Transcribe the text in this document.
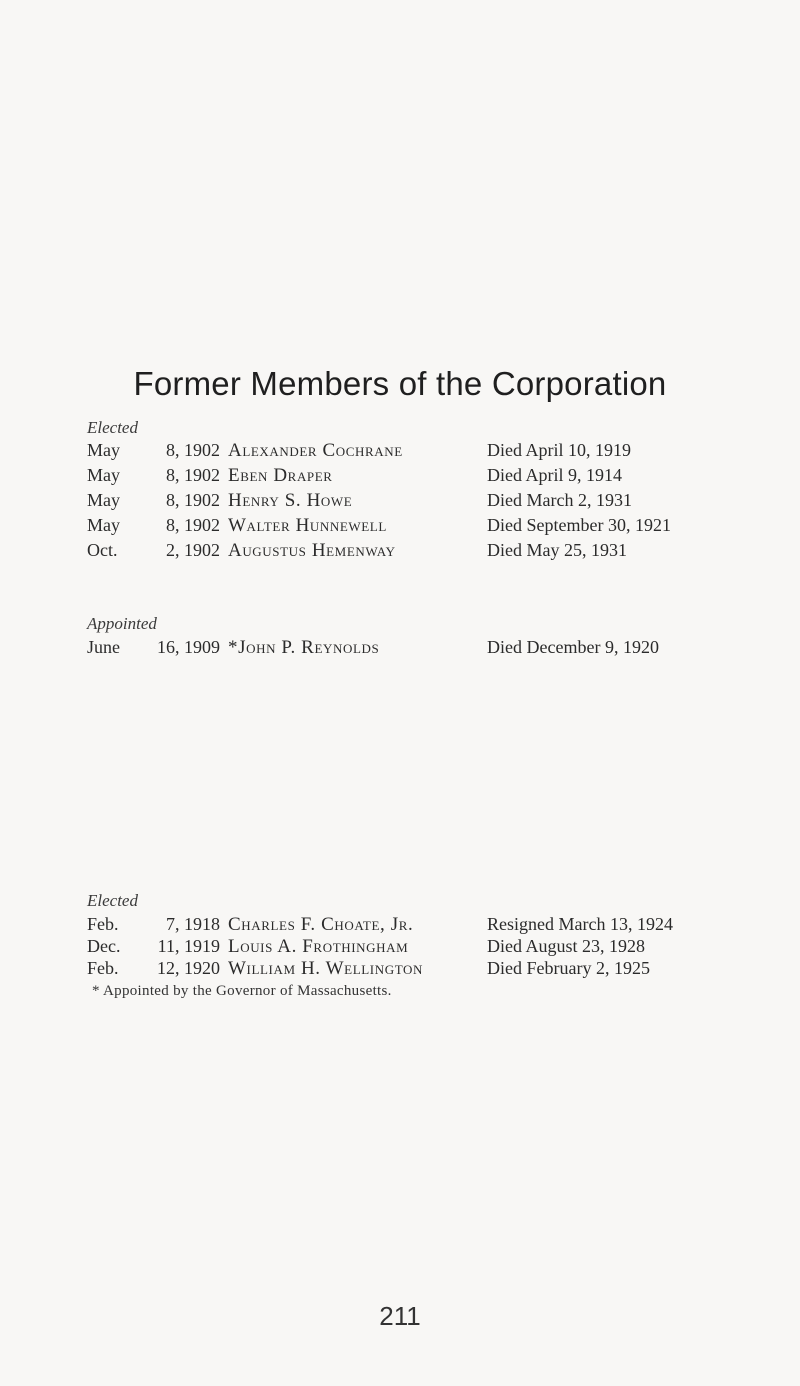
Former Members of the Corporation
Elected
May	8, 1902 Alexander Cochrane	Died April 10, 1919
May	8, 1902 Eben Draper	Died April 9, 1914
May	8, 1902 Henry S. Howe	Died March 2, 1931
May	8, 1902 Walter Hunnewell	Died September 30, 1921
Oct.	2, 1902 Augustus Hemenway	Died May 25, 1931
Appointed
June	16, 1909 *John P. Reynolds	Died December 9, 1920
Elected
Feb.	7, 1918 Charles F. Choate, Jr.	Resigned March 13, 1924
Dec.	11, 1919 Louis A. Frothingham	Died August 23, 1928
Feb.	12, 1920 William H. Wellington	Died February 2, 1925
* Appointed by the Governor of Massachusetts.
211
